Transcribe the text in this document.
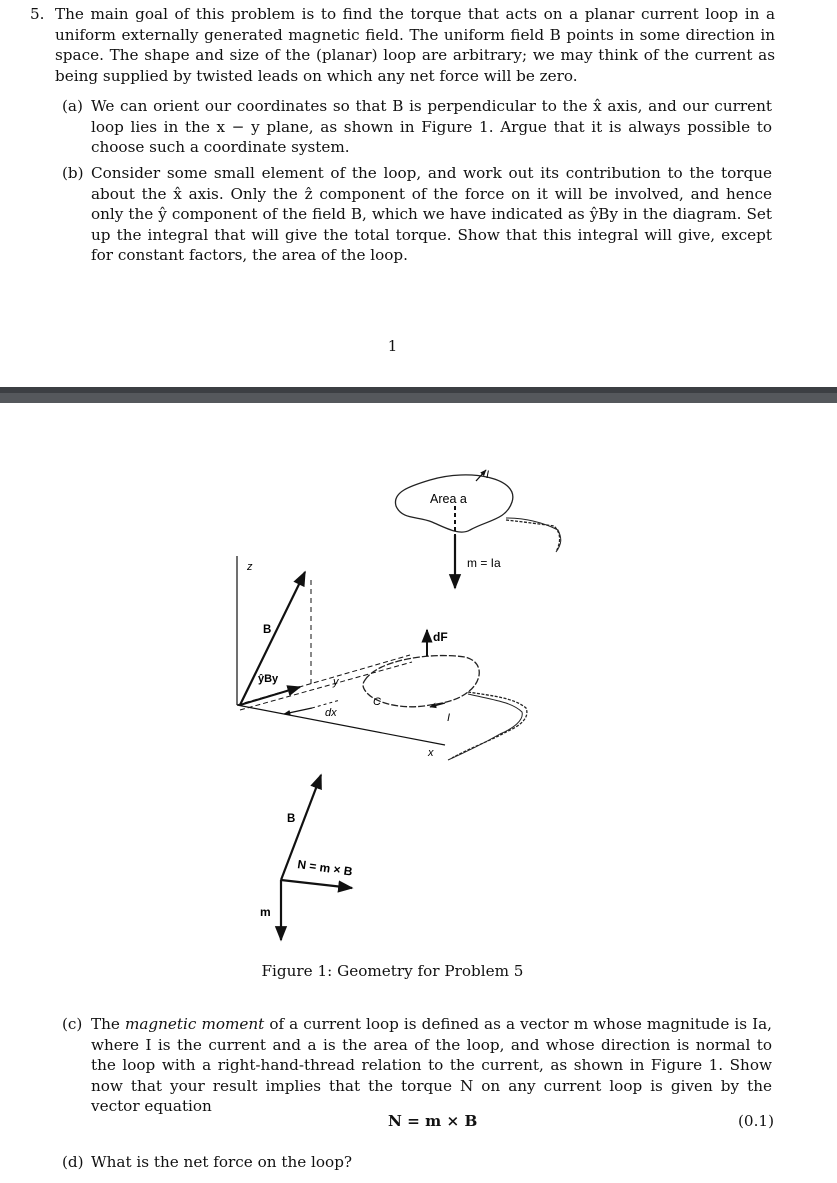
5. The main goal of this problem is to find the torque that acts on a planar current loop in a uniform externally generated magnetic field. The uniform field B points in some direction in space. The shape and size of the (planar) loop are arbitrary; we may think of the current as being supplied by twisted leads on which any net force will be zero.
(a) We can orient our coordinates so that B is perpendicular to the x̂ axis, and our current loop lies in the x − y plane, as shown in Figure 1. Argue that it is always possible to choose such a coordinate system.
(b) Consider some small element of the loop, and work out its contribution to the torque about the x̂ axis. Only the ẑ component of the force on it will be involved, and hence only the ŷ component of the field B, which we have indicated as ŷBy in the diagram. Set up the integral that will give the total torque. Show that this integral will give, except for constant factors, the area of the loop.
1
Area a
I
m = Ia
z
B
ŷBy	y
dx
C
dF
I
x
B
N = m × B
m
Figure 1: Geometry for Problem 5
(c) The magnetic moment of a current loop is defined as a vector m whose magnitude is Ia, where I is the current and a is the area of the loop, and whose direction is normal to the loop with a right-hand-thread relation to the current, as shown in Figure 1. Show now that your result implies that the torque N on any current loop is given by the vector equation
N = m × B	(0.1)
(d) What is the net force on the loop?
